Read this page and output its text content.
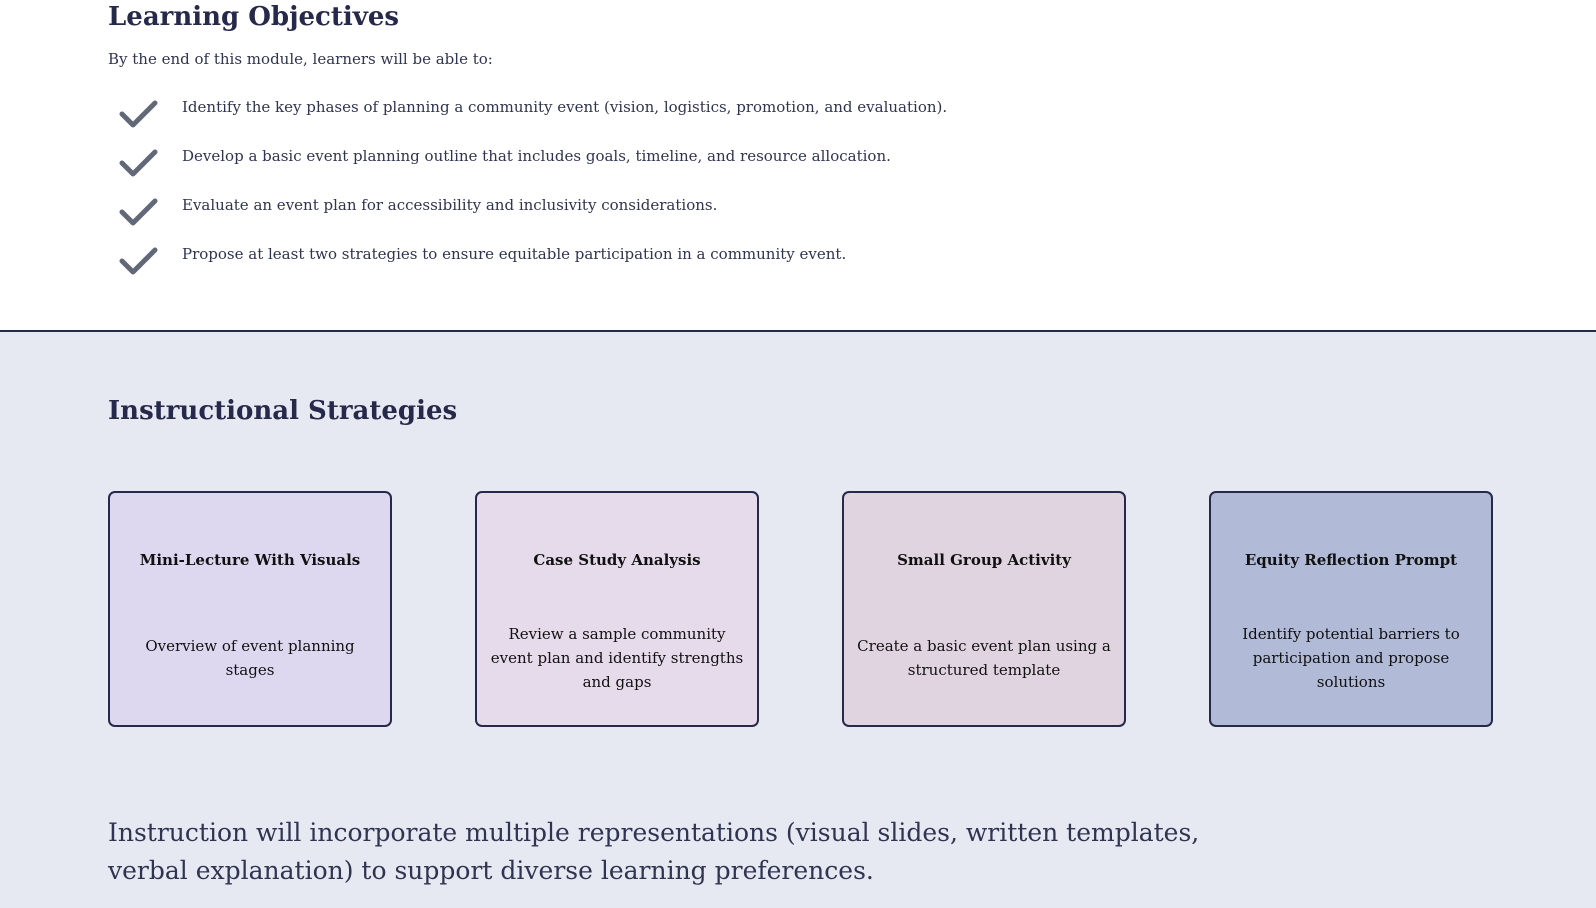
Learning Objectives

By the end of this module, learners will be able to:

Identify the key phases of planning a community event (vision, logistics, promotion, and evaluation).
Develop a basic event planning outline that includes goals, timeline, and resource allocation.
Evaluate an event plan for accessibility and inclusivity considerations.
Propose at least two strategies to ensure equitable participation in a community event.
Instructional Strategies
Mini-Lecture With Visuals
Overview of event planning stages
Case Study Analysis
Review a sample community event plan and identify strengths and gaps
Small Group Activity
Create a basic event plan using a structured template
Equity Reflection Prompt
Identify potential barriers to participation and propose solutions

Instruction will incorporate multiple representations (visual slides, written templates, verbal explanation) to support diverse learning preferences.
